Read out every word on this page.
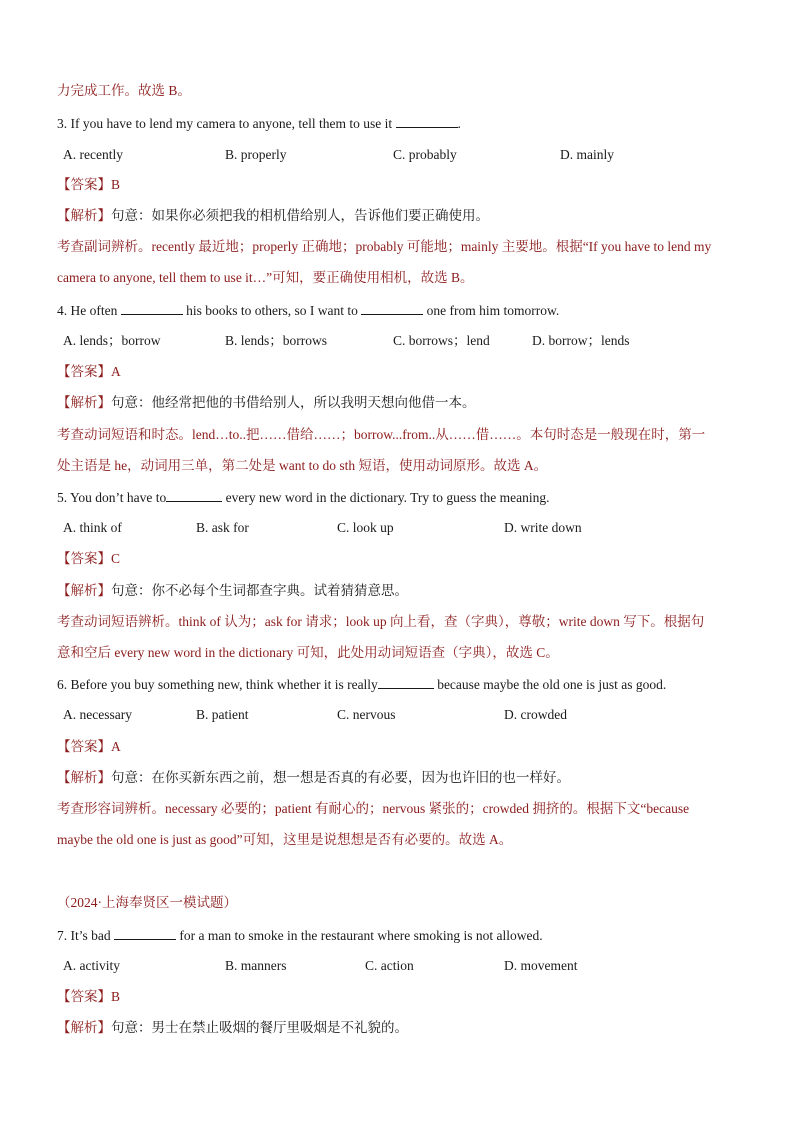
力完成工作。故选 B。
3. If you have to lend my camera to anyone, tell them to use it	.
A. recently	B. properly	C. probably	D. mainly
【答案】B
【解析】句意：如果你必须把我的相机借给别人，告诉他们要正确使用。
考查副词辨析。recently 最近地；properly 正确地；probably 可能地；mainly 主要地。根据“If you have to lend my
camera to anyone, tell them to use it…”可知，要正确使用相机，故选 B。
4. He often	his books to others, so I want to	one from him tomorrow.
A. lends；borrow	B. lends；borrows	C. borrows；lend	D. borrow；lends
【答案】A
【解析】句意：他经常把他的书借给别人，所以我明天想向他借一本。
考查动词短语和时态。lend…to..把……借给……；borrow...from..从……借……。本句时态是一般现在时，第一
处主语是 he，动词用三单，第二处是 want to do sth 短语，使用动词原形。故选 A。
5. You don’t have to	every new word in the dictionary. Try to guess the meaning.
A. think of	B. ask for	C. look up	D. write down
【答案】C
【解析】句意：你不必每个生词都查字典。试着猜猜意思。
考查动词短语辨析。think of 认为；ask for 请求；look up 向上看，查（字典），尊敬；write down 写下。根据句
意和空后 every new word in the dictionary 可知，此处用动词短语查（字典），故选 C。
6. Before you buy something new, think whether it is really	because maybe the old one is just as good.
A. necessary	B. patient	C. nervous	D. crowded
【答案】A
【解析】句意：在你买新东西之前，想一想是否真的有必要，因为也许旧的也一样好。
考查形容词辨析。necessary 必要的；patient 有耐心的；nervous 紧张的；crowded 拥挤的。根据下文“because
maybe the old one is just as good”可知，这里是说想想是否有必要的。故选 A。
（2024·上海奉贤区一模试题）
7. It’s bad	for a man to smoke in the restaurant where smoking is not allowed.
A. activity	B. manners	C. action	D. movement
【答案】B
【解析】句意：男士在禁止吸烟的餐厅里吸烟是不礼貌的。
